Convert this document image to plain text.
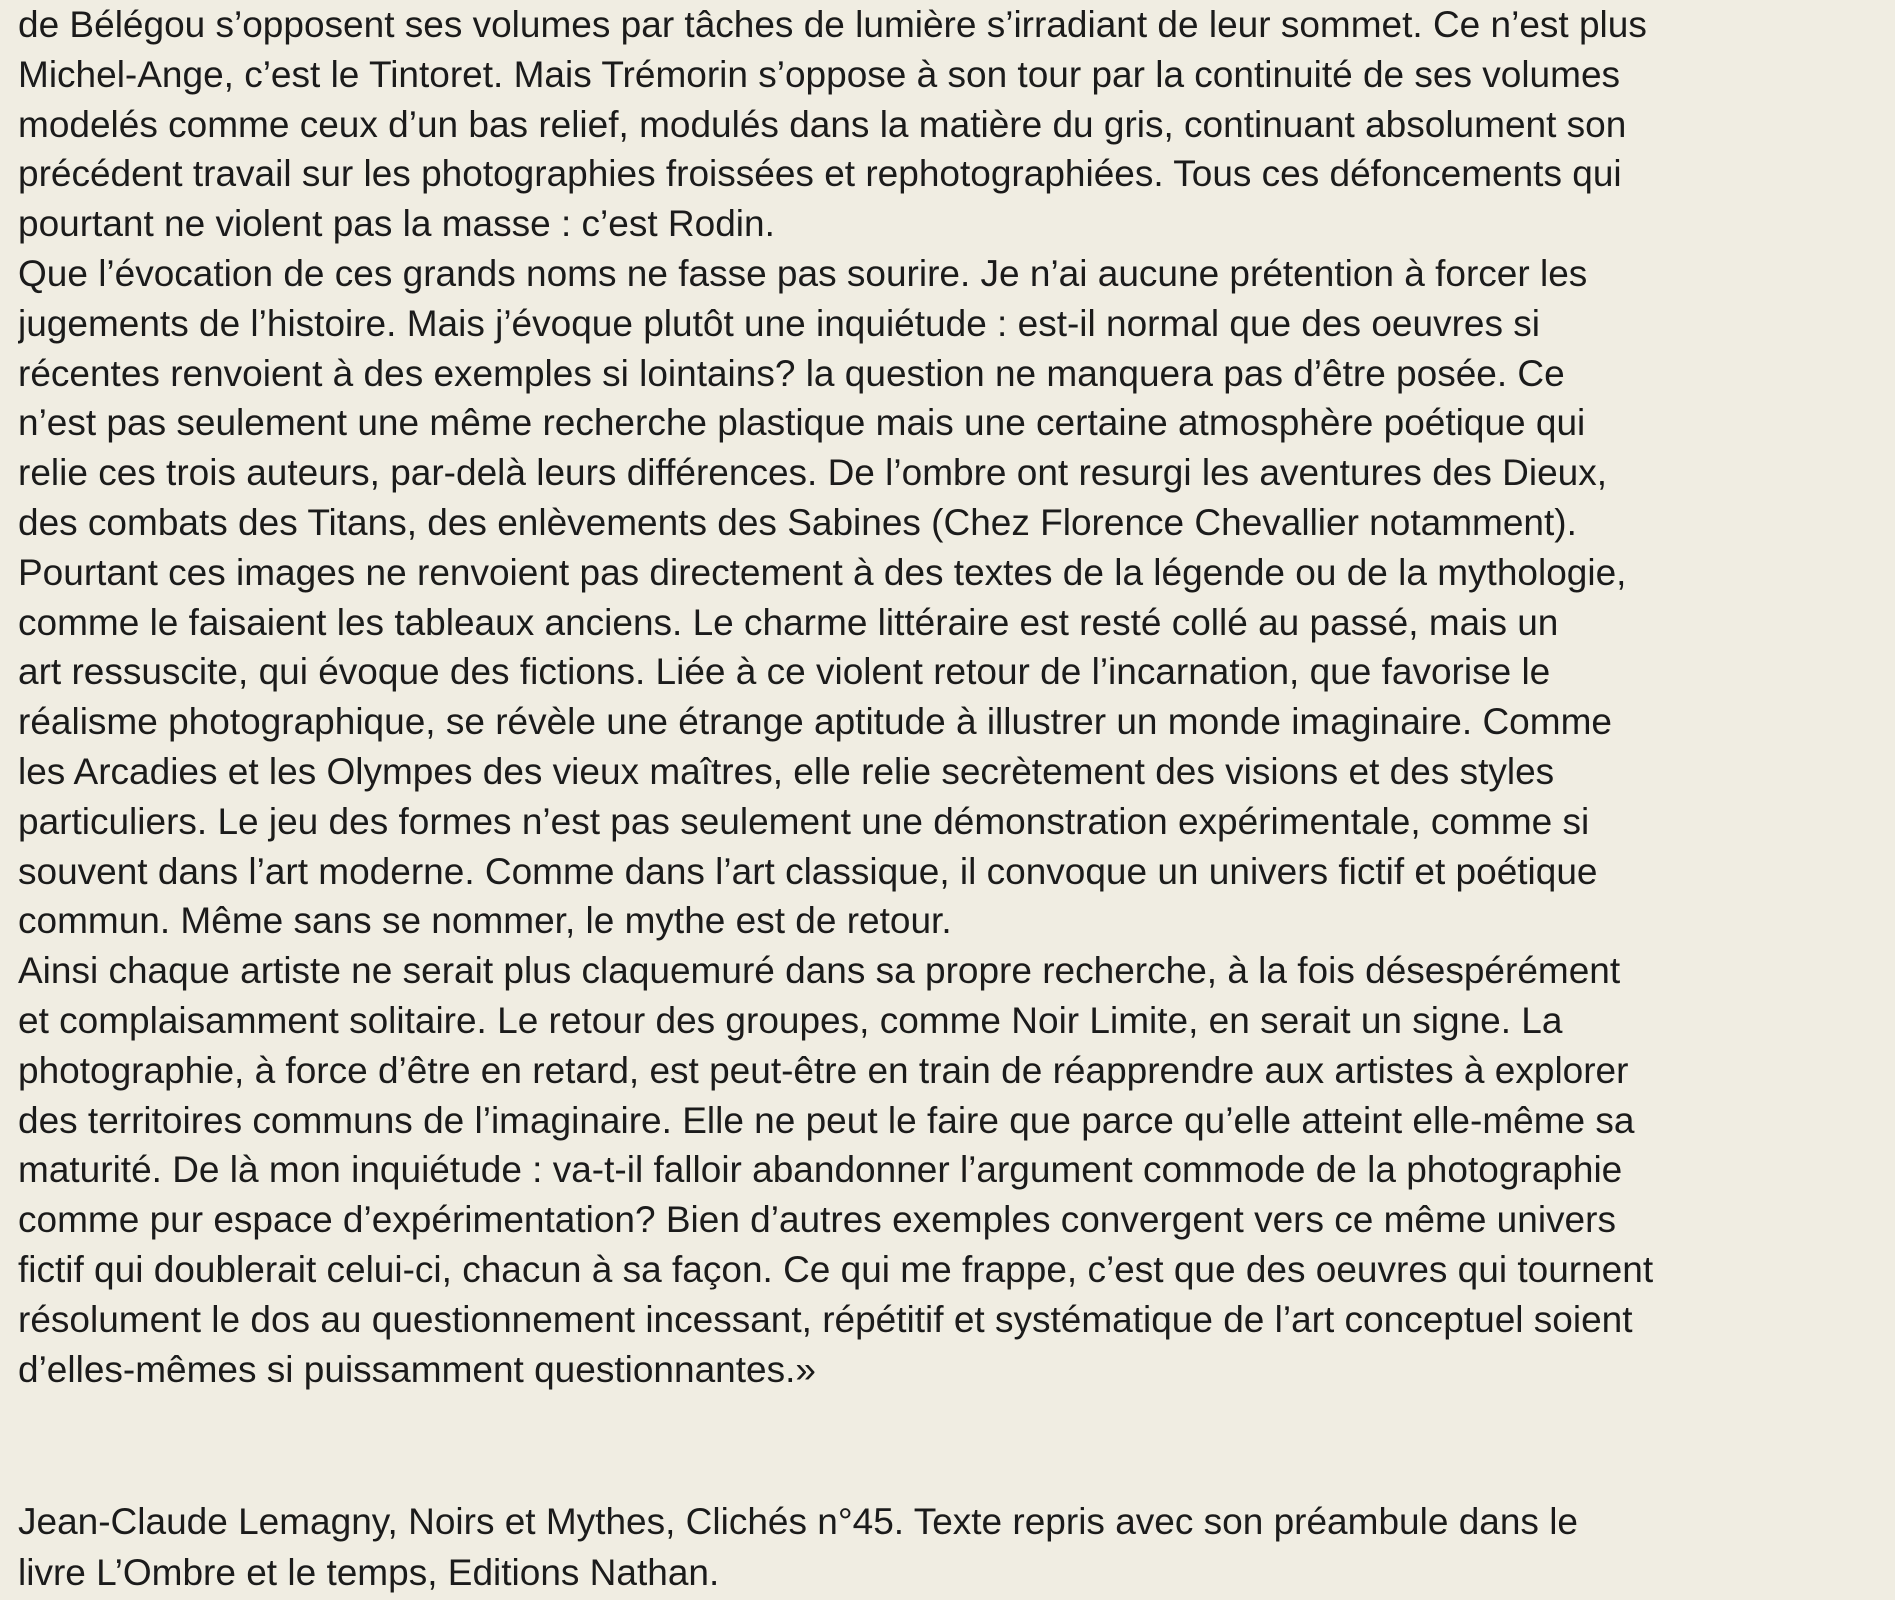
de Bélégou s’opposent ses volumes par tâches de lumière s’irradiant de leur sommet. Ce n’est plus
Michel-Ange, c’est le Tintoret. Mais Trémorin s’oppose à son tour par la continuité de ses volumes
modelés comme ceux d’un bas relief, modulés dans la matière du gris, continuant absolument son
précédent travail sur les photographies froissées et rephotographiées. Tous ces défoncements qui
pourtant ne violent pas la masse : c’est Rodin.
Que l’évocation de ces grands noms ne fasse pas sourire. Je n’ai aucune prétention à forcer les
jugements de l’histoire. Mais j’évoque plutôt une inquiétude : est-il normal que des oeuvres si
récentes renvoient à des exemples si lointains? la question ne manquera pas d’être posée. Ce
n’est pas seulement une même recherche plastique mais une certaine atmosphère poétique qui
relie ces trois auteurs, par-delà leurs différences. De l’ombre ont resurgi les aventures des Dieux,
des combats des Titans, des enlèvements des Sabines (Chez Florence Chevallier notamment).
Pourtant ces images ne renvoient pas directement à des textes de la légende ou de la mythologie,
comme le faisaient les tableaux anciens. Le charme littéraire est resté collé au passé, mais un
art ressuscite, qui évoque des fictions. Liée à ce violent retour de l’incarnation, que favorise le
réalisme photographique, se révèle une étrange aptitude à illustrer un monde imaginaire. Comme
les Arcadies et les Olympes des vieux maîtres, elle relie secrètement des visions et des styles
particuliers. Le jeu des formes n’est pas seulement une démonstration expérimentale, comme si
souvent dans l’art moderne. Comme dans l’art classique, il convoque un univers fictif et poétique
commun. Même sans se nommer, le mythe est de retour.
Ainsi chaque artiste ne serait plus claquemuré dans sa propre recherche, à la fois désespérément
et complaisamment solitaire. Le retour des groupes, comme Noir Limite, en serait un signe. La
photographie, à force d’être en retard, est peut-être en train de réapprendre aux artistes à explorer
des territoires communs de l’imaginaire. Elle ne peut le faire que parce qu’elle atteint elle-même sa
maturité. De là mon inquiétude : va-t-il falloir abandonner l’argument commode de la photographie
comme pur espace d’expérimentation? Bien d’autres exemples convergent vers ce même univers
fictif qui doublerait celui-ci, chacun à sa façon. Ce qui me frappe, c’est que des oeuvres qui tournent
résolument le dos au questionnement incessant, répétitif et systématique de l’art conceptuel soient
d’elles-mêmes si puissamment questionnantes.»

Jean-Claude Lemagny, Noirs et Mythes, Clichés n°45. Texte repris avec son préambule dans le
livre L’Ombre et le temps, Editions Nathan.
